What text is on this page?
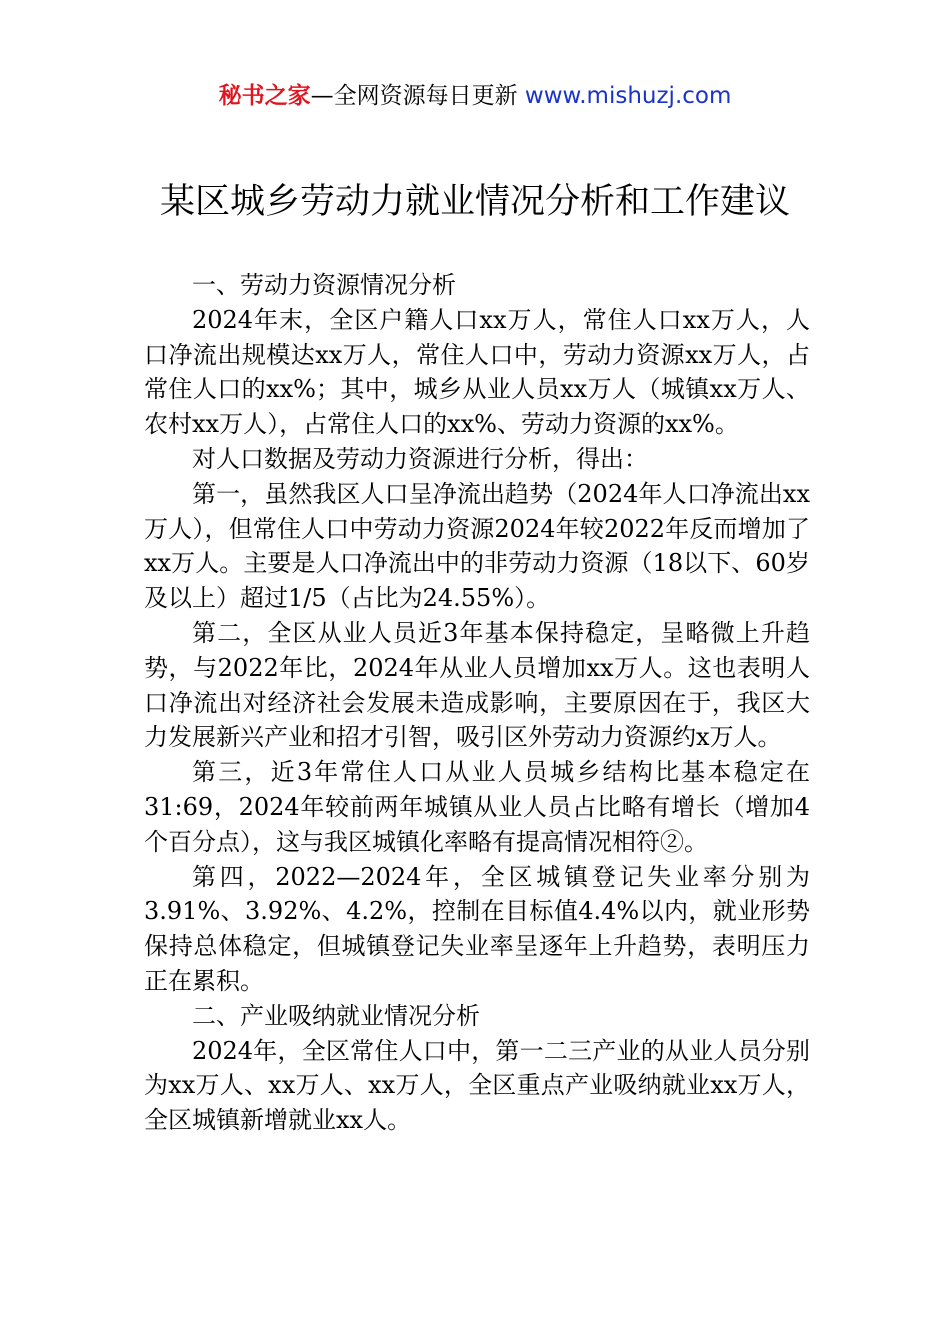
秘书之家—全网资源每日更新 www.mishuzj.com
某区城乡劳动力就业情况分析和工作建议

一、劳动力资源情况分析

2024年末，全区户籍人口xx万人，常住人口xx万人，人口净流出规模达xx万人，常住人口中，劳动力资源xx万人，占常住人口的xx%；其中，城乡从业人员xx万人（城镇xx万人、农村xx万人），占常住人口的xx%、劳动力资源的xx%。

对人口数据及劳动力资源进行分析，得出：

第一，虽然我区人口呈净流出趋势（2024年人口净流出xx万人），但常住人口中劳动力资源2024年较2022年反而增加了xx万人。主要是人口净流出中的非劳动力资源（18以下、60岁及以上）超过1/5（占比为24.55%）。

第二，全区从业人员近3年基本保持稳定，呈略微上升趋势，与2022年比，2024年从业人员增加xx万人。这也表明人口净流出对经济社会发展未造成影响，主要原因在于，我区大力发展新兴产业和招才引智，吸引区外劳动力资源约x万人。

第三，近3年常住人口从业人员城乡结构比基本稳定在31:69，2024年较前两年城镇从业人员占比略有增长（增加4个百分点），这与我区城镇化率略有提高情况相符②。

第四，2022—2024年，全区城镇登记失业率分别为3.91%、3.92%、4.2%，控制在目标值4.4%以内，就业形势保持总体稳定，但城镇登记失业率呈逐年上升趋势，表明压力正在累积。

二、产业吸纳就业情况分析

2024年，全区常住人口中，第一二三产业的从业人员分别为xx万人、xx万人、xx万人，全区重点产业吸纳就业xx万人，全区城镇新增就业xx人。
